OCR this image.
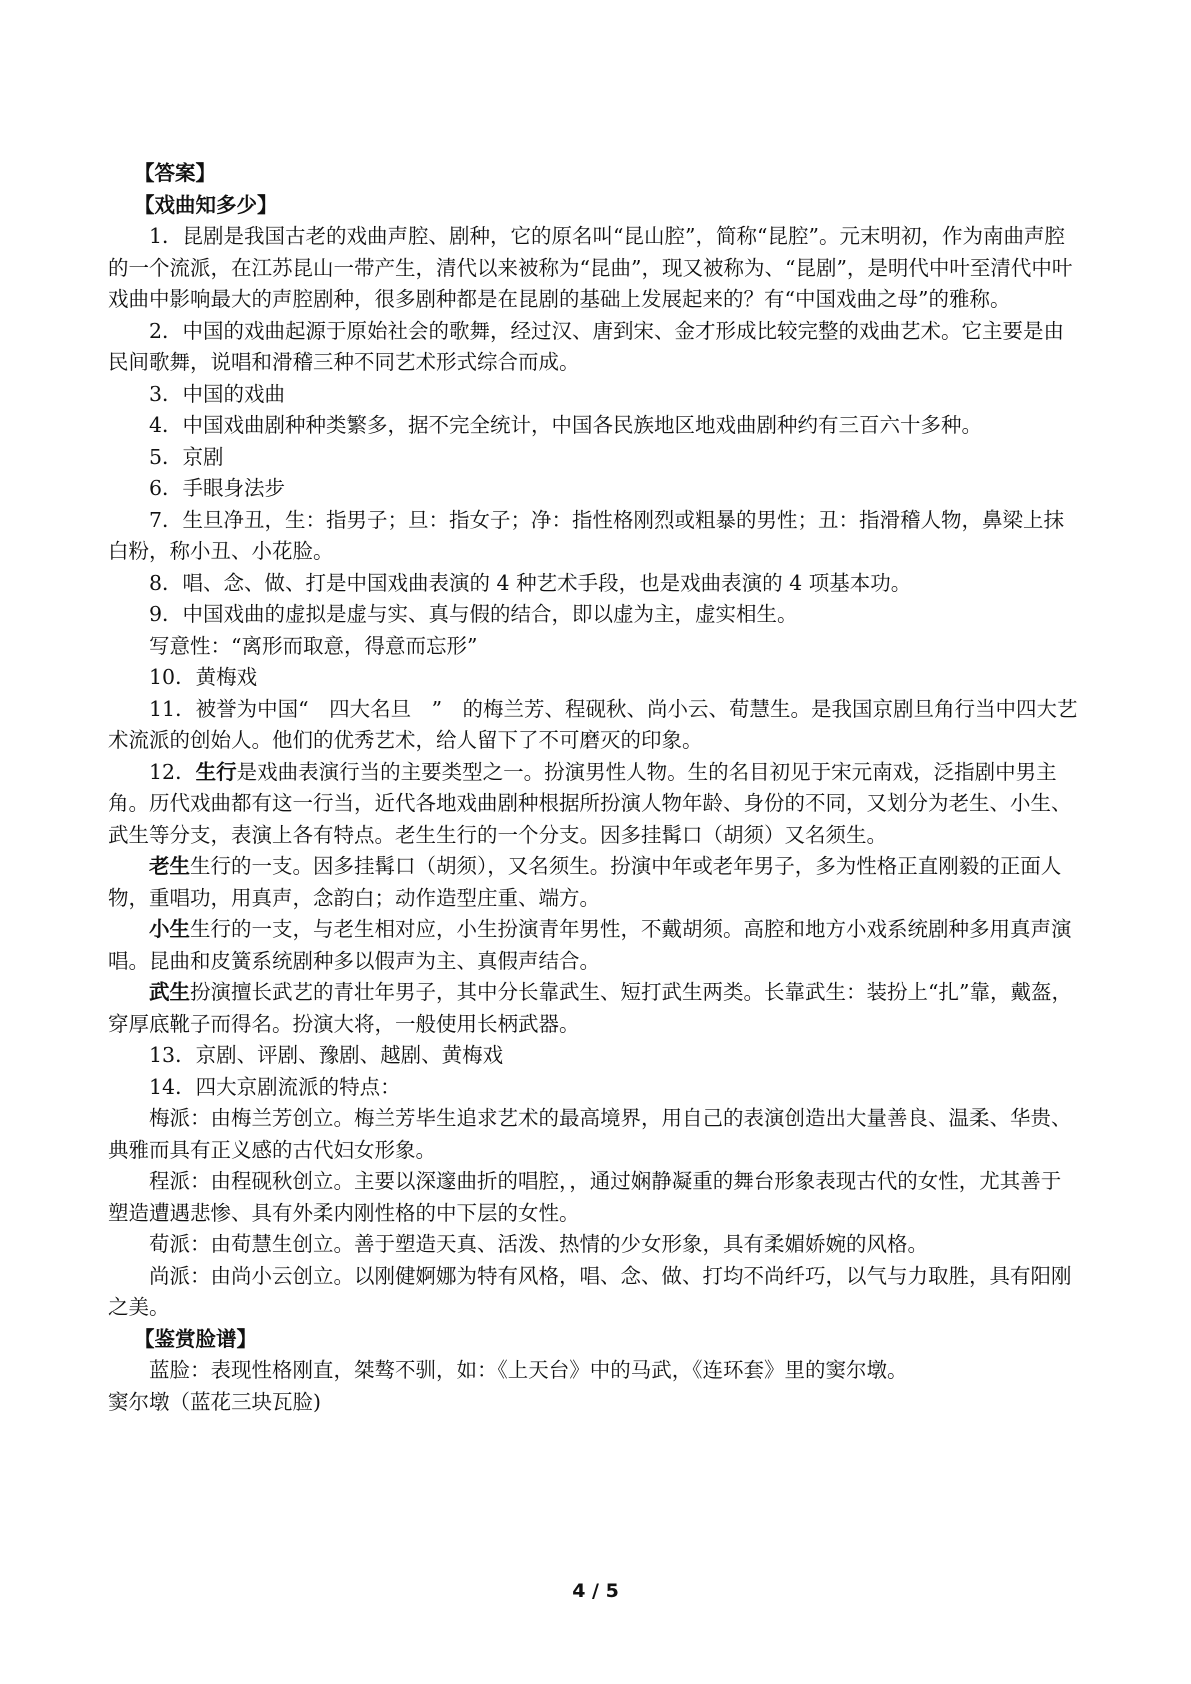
【答案】

【戏曲知多少】

1．昆剧是我国古老的戏曲声腔、剧种，它的原名叫“昆山腔”，简称“昆腔”。元末明初，作为南曲声腔的一个流派，在江苏昆山一带产生，清代以来被称为“昆曲”，现又被称为、“昆剧”，是明代中叶至清代中叶戏曲中影响最大的声腔剧种，很多剧种都是在昆剧的基础上发展起来的？有“中国戏曲之母”的雅称。

2．中国的戏曲起源于原始社会的歌舞，经过汉、唐到宋、金才形成比较完整的戏曲艺术。它主要是由民间歌舞，说唱和滑稽三种不同艺术形式综合而成。

3．中国的戏曲

4．中国戏曲剧种种类繁多，据不完全统计，中国各民族地区地戏曲剧种约有三百六十多种。

5．京剧

6．手眼身法步

7．生旦净丑，生：指男子；旦：指女子；净：指性格刚烈或粗暴的男性；丑：指滑稽人物，鼻梁上抹白粉，称小丑、小花脸。

8．唱、念、做、打是中国戏曲表演的 4 种艺术手段，也是戏曲表演的 4 项基本功。

9．中国戏曲的虚拟是虚与实、真与假的结合，即以虚为主，虚实相生。

写意性：“离形而取意，得意而忘形”

10．黄梅戏

11．被誉为中国“　四大名旦　”　的梅兰芳、程砚秋、尚小云、荀慧生。是我国京剧旦角行当中四大艺术流派的创始人。他们的优秀艺术，给人留下了不可磨灭的印象。

12．生行是戏曲表演行当的主要类型之一。扮演男性人物。生的名目初见于宋元南戏，泛指剧中男主角。历代戏曲都有这一行当，近代各地戏曲剧种根据所扮演人物年龄、身份的不同，又划分为老生、小生、武生等分支，表演上各有特点。老生生行的一个分支。因多挂髯口（胡须）又名须生。

老生生行的一支。因多挂髯口（胡须），又名须生。扮演中年或老年男子，多为性格正直刚毅的正面人物，重唱功，用真声，念韵白；动作造型庄重、端方。

小生生行的一支，与老生相对应，小生扮演青年男性，不戴胡须。高腔和地方小戏系统剧种多用真声演唱。昆曲和皮簧系统剧种多以假声为主、真假声结合。

武生扮演擅长武艺的青壮年男子，其中分长靠武生、短打武生两类。长靠武生：装扮上“扎”靠，戴盔，穿厚底靴子而得名。扮演大将，一般使用长柄武器。

13．京剧、评剧、豫剧、越剧、黄梅戏

14．四大京剧流派的特点：

梅派：由梅兰芳创立。梅兰芳毕生追求艺术的最高境界，用自己的表演创造出大量善良、温柔、华贵、典雅而具有正义感的古代妇女形象。

程派：由程砚秋创立。主要以深邃曲折的唱腔，，通过娴静凝重的舞台形象表现古代的女性，尤其善于塑造遭遇悲惨、具有外柔内刚性格的中下层的女性。

荀派：由荀慧生创立。善于塑造天真、活泼、热情的少女形象，具有柔媚娇婉的风格。

尚派：由尚小云创立。以刚健婀娜为特有风格，唱、念、做、打均不尚纤巧，以气与力取胜，具有阳刚之美。

【鉴赏脸谱】

蓝脸：表现性格刚直，桀骜不驯，如：《上天台》中的马武，《连环套》里的窦尔墩。

窦尔墩（蓝花三块瓦脸)

4 / 5
